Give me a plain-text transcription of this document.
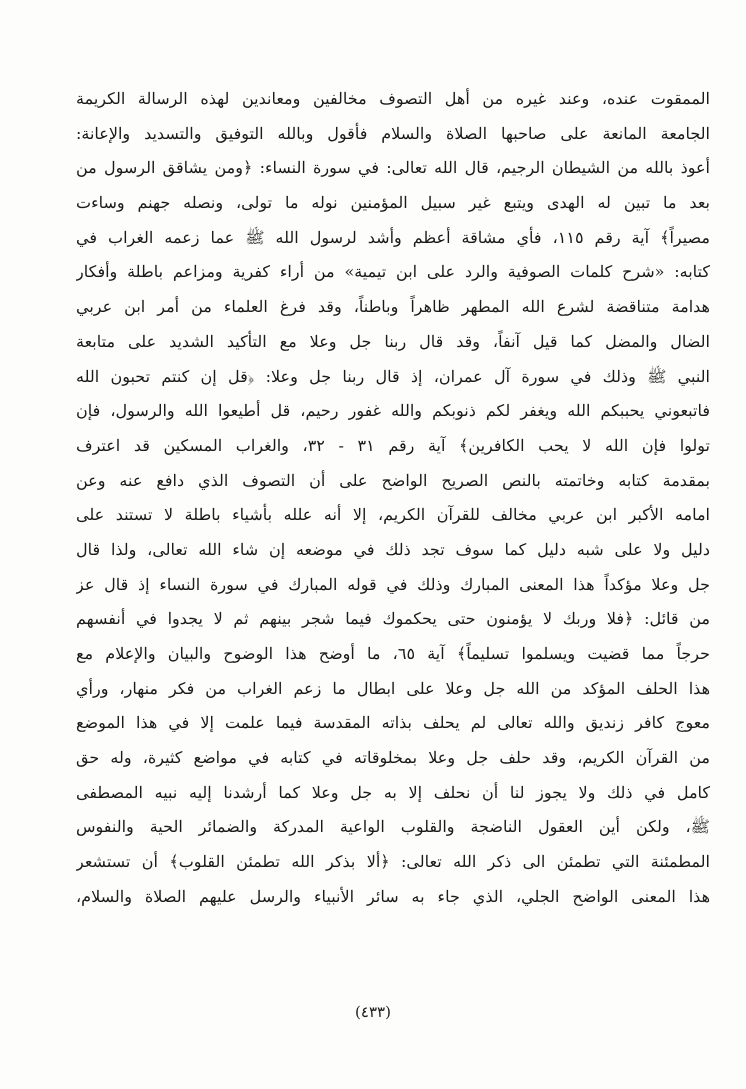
الممقوت عنده، وعند غيره من أهل التصوف مخالفين ومعاندين لهذه الرسالة الكريمة
الجامعة المانعة على صاحبها الصلاة والسلام فأقول وبالله التوفيق والتسديد والإعانة:
أعوذ بالله من الشيطان الرجيم، قال الله تعالى: في سورة النساء: ﴿ومن يشاقق الرسول من
بعد ما تبين له الهدى ويتبع غير سبيل المؤمنين نوله ما تولى، ونصله جهنم وساءت
مصيراً﴾ آية رقم ١١٥، فأي مشاقة أعظم وأشد لرسول الله ﷺ عما زعمه الغراب في
كتابه: «شرح كلمات الصوفية والرد على ابن تيمية» من أراء كفرية ومزاعم باطلة وأفكار
هدامة متناقضة لشرع الله المطهر ظاهراً وباطناً، وقد فرغ العلماء من أمر ابن عربي
الضال والمضل كما قيل آنفاً، وقد قال ربنا جل وعلا مع التأكيد الشديد على متابعة
النبي ﷺ وذلك في سورة آل عمران، إذ قال ربنا جل وعلا: ﴿قل إن كنتم تحبون الله
فاتبعوني يحببكم الله ويغفر لكم ذنوبكم والله غفور رحيم، قل أطيعوا الله والرسول، فإن
تولوا فإن الله لا يحب الكافرين﴾ آية رقم ٣١ - ٣٢، والغراب المسكين قد اعترف
بمقدمة كتابه وخاتمته بالنص الصريح الواضح على أن التصوف الذي دافع عنه وعن
امامه الأكبر ابن عربي مخالف للقرآن الكريم، إلا أنه علله بأشياء باطلة لا تستند على
دليل ولا على شبه دليل كما سوف تجد ذلك في موضعه إن شاء الله تعالى، ولذا قال
جل وعلا مؤكداً هذا المعنى المبارك وذلك في قوله المبارك في سورة النساء إذ قال عز
من قائل: ﴿فلا وربك لا يؤمنون حتى يحكموك فيما شجر بينهم ثم لا يجدوا في أنفسهم
حرجاً مما قضيت ويسلموا تسليماً﴾ آية ٦٥، ما أوضح هذا الوضوح والبيان والإعلام مع
هذا الحلف المؤكد من الله جل وعلا على ابطال ما زعم الغراب من فكر منهار، ورأي
معوج كافر زنديق والله تعالى لم يحلف بذاته المقدسة فيما علمت إلا في هذا الموضع
من القرآن الكريم، وقد حلف جل وعلا بمخلوقاته في كتابه في مواضع كثيرة، وله حق
كامل في ذلك ولا يجوز لنا أن نحلف إلا به جل وعلا كما أرشدنا إليه نبيه المصطفى
ﷺ، ولكن أين العقول الناضجة والقلوب الواعية المدركة والضمائر الحية والنفوس
المطمئنة التي تطمئن الى ذكر الله تعالى: ﴿ألا بذكر الله تطمئن القلوب﴾ أن تستشعر
هذا المعنى الواضح الجلي، الذي جاء به سائر الأنبياء والرسل عليهم الصلاة والسلام،
(٤٣٣)
